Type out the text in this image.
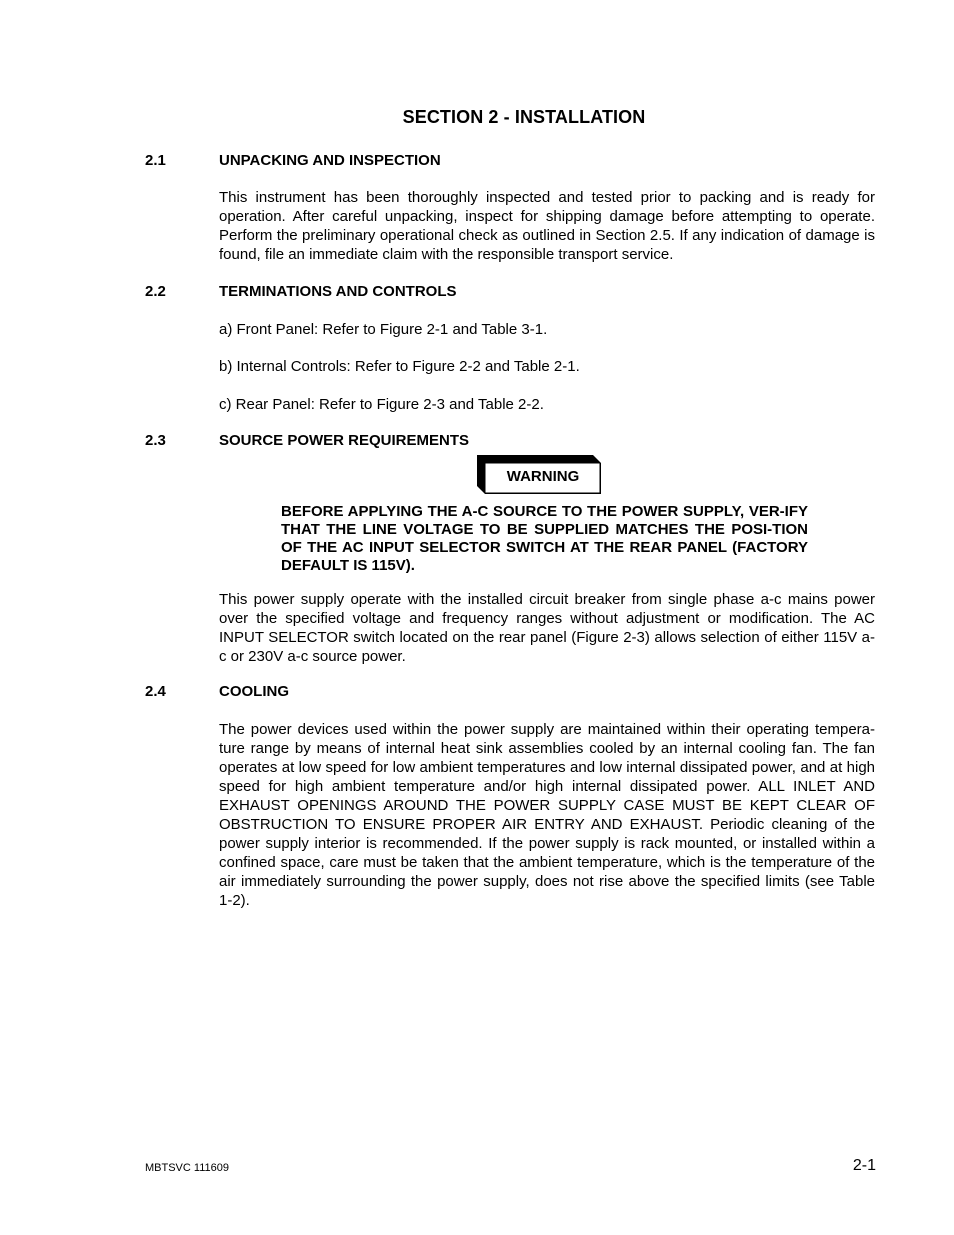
SECTION 2 - INSTALLATION
2.1	UNPACKING AND INSPECTION
This instrument has been thoroughly inspected and tested prior to packing and is ready for operation. After careful unpacking, inspect for shipping damage before attempting to operate. Perform the preliminary operational check as outlined in Section 2.5. If any indication of damage is found, file an immediate claim with the responsible transport service.
2.2	TERMINATIONS AND CONTROLS
a) Front Panel: Refer to Figure 2-1 and Table 3-1.
b) Internal Controls: Refer to Figure 2-2 and Table 2-1.
c) Rear Panel: Refer to Figure 2-3 and Table 2-2.
2.3	SOURCE POWER REQUIREMENTS
WARNING
BEFORE APPLYING THE A-C SOURCE TO THE POWER SUPPLY, VER-IFY THAT THE LINE VOLTAGE TO BE SUPPLIED MATCHES THE POSI-TION OF THE AC INPUT SELECTOR SWITCH AT THE REAR PANEL (FACTORY DEFAULT IS 115V).
This power supply operate with the installed circuit breaker from single phase a-c mains power over the specified voltage and frequency ranges without adjustment or modification. The AC INPUT SELECTOR switch located on the rear panel (Figure 2-3) allows selection of either 115V a-c or 230V a-c source power.
2.4	COOLING
The power devices used within the power supply are maintained within their operating tempera-ture range by means of internal heat sink assemblies cooled by an internal cooling fan. The fan operates at low speed for low ambient temperatures and low internal dissipated power, and at high speed for high ambient temperature and/or high internal dissipated power. ALL INLET AND EXHAUST OPENINGS AROUND THE POWER SUPPLY CASE MUST BE KEPT CLEAR OF OBSTRUCTION TO ENSURE PROPER AIR ENTRY AND EXHAUST. Periodic cleaning of the power supply interior is recommended. If the power supply is rack mounted, or installed within a confined space, care must be taken that the ambient temperature, which is the temperature of the air immediately surrounding the power supply, does not rise above the specified limits (see Table 1-2).
MBTSVC 111609	2-1
